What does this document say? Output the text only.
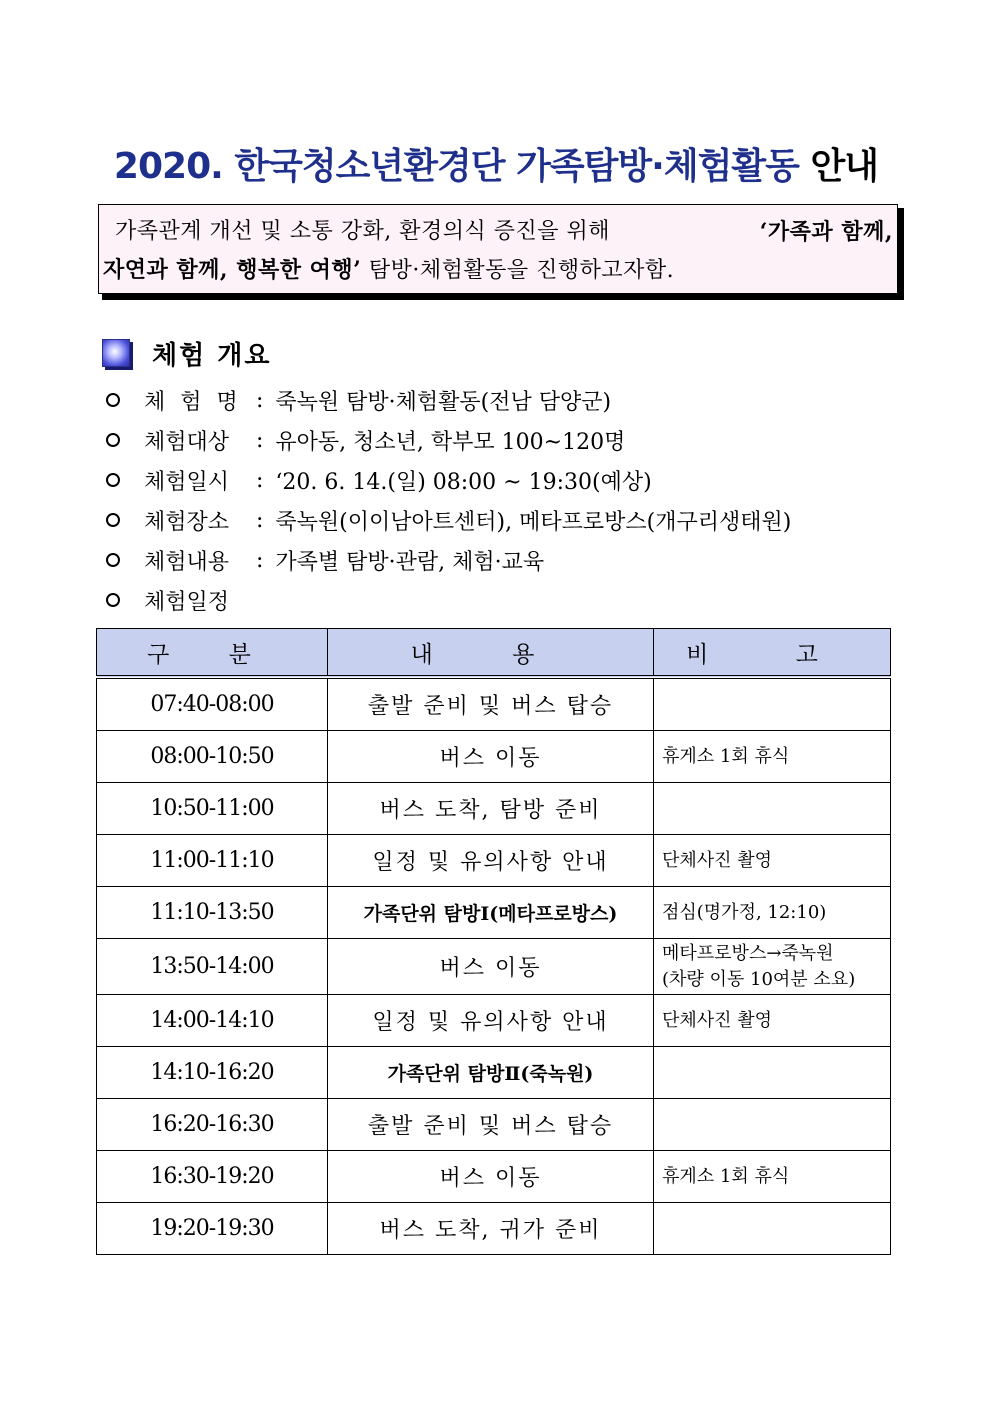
2020. 한국청소년환경단 가족탐방·체험활동 안내
가족관계 개선 및 소통 강화, 환경의식 증진을 위해	‘가족과 함께,
자연과 함께, 행복한 여행’ 탐방·체험활동을 진행하고자함.
체험 개요
체험명 : 죽녹원 탐방·체험활동(전남 담양군)
체험대상	: 유아동, 청소년, 학부모 100~120명
체험일시	: ‘20. 6. 14.(일) 08:00 ~ 19:30(예상)
체험장소	: 죽녹원(이이남아트센터), 메타프로방스(개구리생태원)
체험내용	: 가족별 탐방·관람, 체험·교육
체험일정
구 분	내 용	비 고
07:40-08:00	출발 준비 및 버스 탑승	
08:00-10:50	버스 이동	휴게소 1회 휴식
10:50-11:00	버스 도착, 탐방 준비	
11:00-11:10	일정 및 유의사항 안내	단체사진 촬영
11:10-13:50	가족단위 탐방Ⅰ(메타프로방스)	점심(명가정, 12:10)
13:50-14:00	버스 이동	메타프로방스→죽녹원
(차량 이동 10여분 소요)

14:00-14:10	일정 및 유의사항 안내	단체사진 촬영
14:10-16:20	가족단위 탐방Ⅱ(죽녹원)	
16:20-16:30	출발 준비 및 버스 탑승	
16:30-19:20	버스 이동	휴게소 1회 휴식
19:20-19:30	버스 도착, 귀가 준비	
